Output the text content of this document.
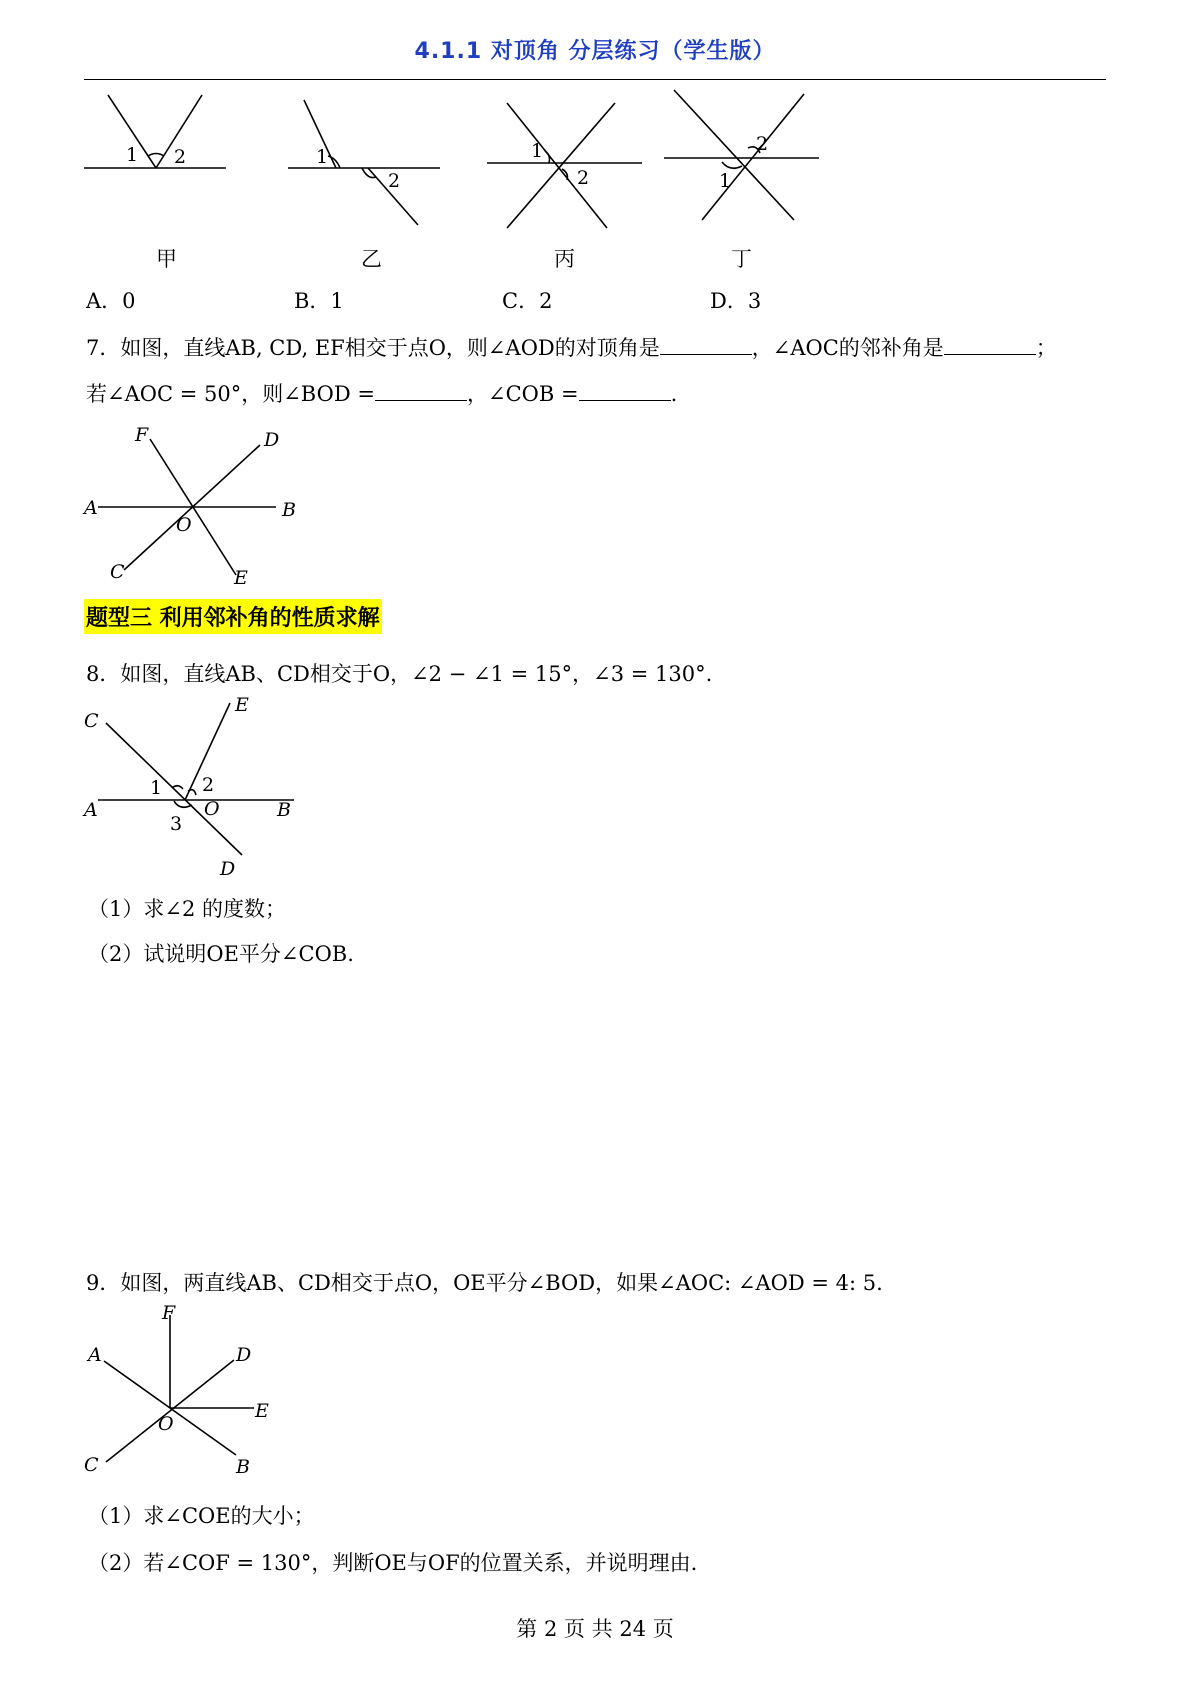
4.1.1 对顶角 分层练习（学生版）
1 2	1
2
1
2
2
1
甲	乙	丙	丁
A．0	B．1	C．2	D．3
7．如图，直线AB, CD, EF相交于点O，则∠AOD的对顶角是	，∠AOC的邻补角是	；
若∠AOC = 50°，则∠BOD =	，∠COB =	.
A	B
C
D
E
F
O
题型三 利用邻补角的性质求解
8．如图，直线AB、CD相交于O，∠2 − ∠1 = 15°，∠3 = 130°.
A	B
C
D
E
O
1 2
3
（1）求∠2 的度数；
（2）试说明OE平分∠COB.
9．如图，两直线AB、CD相交于点O，OE平分∠BOD，如果∠AOC: ∠AOD = 4: 5.
F
A	D
E
O
C	B
（1）求∠COE的大小；
（2）若∠COF = 130°，判断OE与OF的位置关系，并说明理由.
第 2 页 共 24 页
